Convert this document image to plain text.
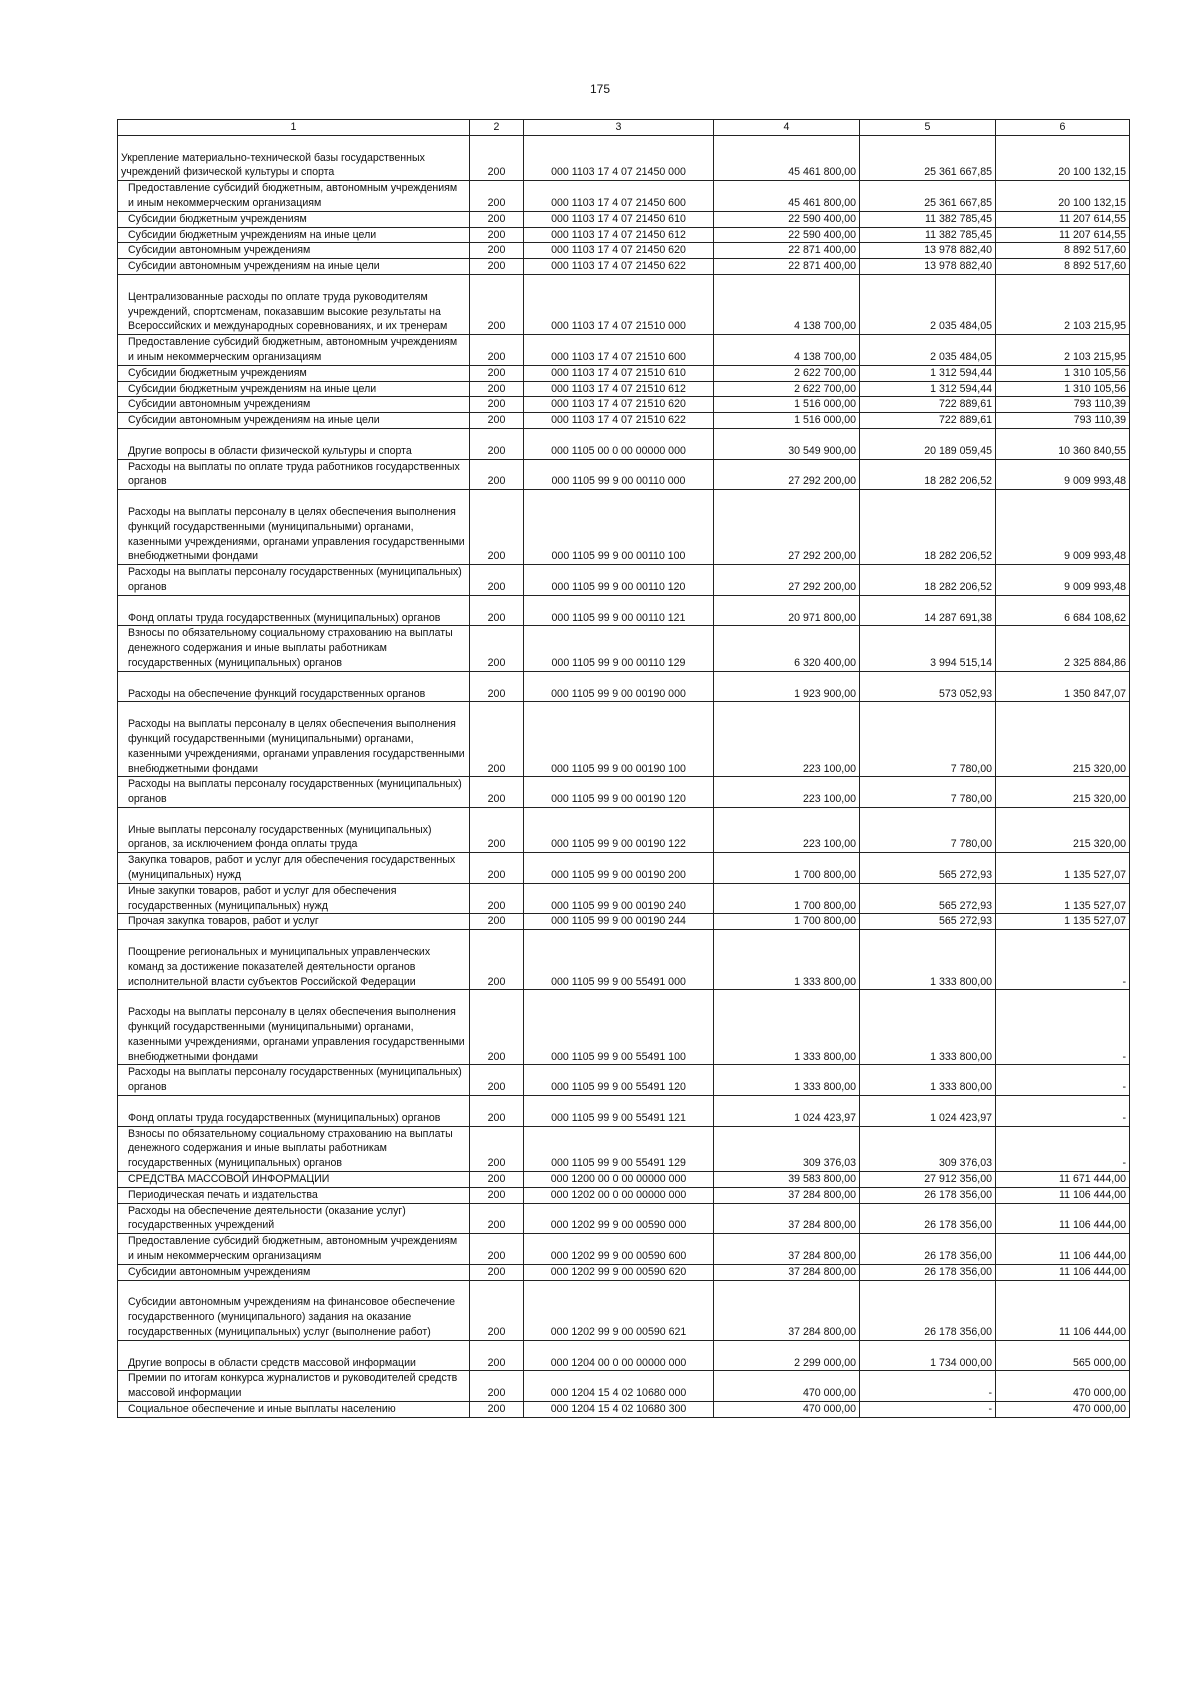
175
1	2	3	4	5	6
Укрепление материально-технической базы государственных учреждений физической культуры и спорта	200	000 1103 17 4 07 21450 000	45 461 800,00	25 361 667,85	20 100 132,15
Предоставление субсидий бюджетным, автономным учреждениям и иным некоммерческим организациям	200	000 1103 17 4 07 21450 600	45 461 800,00	25 361 667,85	20 100 132,15
Субсидии бюджетным учреждениям	200	000 1103 17 4 07 21450 610	22 590 400,00	11 382 785,45	11 207 614,55
Субсидии бюджетным учреждениям на иные цели	200	000 1103 17 4 07 21450 612	22 590 400,00	11 382 785,45	11 207 614,55
Субсидии автономным учреждениям	200	000 1103 17 4 07 21450 620	22 871 400,00	13 978 882,40	8 892 517,60
Субсидии автономным учреждениям на иные цели	200	000 1103 17 4 07 21450 622	22 871 400,00	13 978 882,40	8 892 517,60
Централизованные расходы по оплате труда руководителям учреждений, спортсменам, показавшим высокие результаты на Всероссийских и международных соревнованиях, и их тренерам	200	000 1103 17 4 07 21510 000	4 138 700,00	2 035 484,05	2 103 215,95
Предоставление субсидий бюджетным, автономным учреждениям и иным некоммерческим организациям	200	000 1103 17 4 07 21510 600	4 138 700,00	2 035 484,05	2 103 215,95
Субсидии бюджетным учреждениям	200	000 1103 17 4 07 21510 610	2 622 700,00	1 312 594,44	1 310 105,56
Субсидии бюджетным учреждениям на иные цели	200	000 1103 17 4 07 21510 612	2 622 700,00	1 312 594,44	1 310 105,56
Субсидии автономным учреждениям	200	000 1103 17 4 07 21510 620	1 516 000,00	722 889,61	793 110,39
Субсидии автономным учреждениям на иные цели	200	000 1103 17 4 07 21510 622	1 516 000,00	722 889,61	793 110,39
Другие вопросы в области физической культуры и спорта	200	000 1105 00 0 00 00000 000	30 549 900,00	20 189 059,45	10 360 840,55
Расходы на выплаты по оплате труда работников государственных органов	200	000 1105 99 9 00 00110 000	27 292 200,00	18 282 206,52	9 009 993,48
Расходы на выплаты персоналу в целях обеспечения выполнения функций государственными (муниципальными) органами, казенными учреждениями, органами управления государственными внебюджетными фондами	200	000 1105 99 9 00 00110 100	27 292 200,00	18 282 206,52	9 009 993,48
Расходы на выплаты персоналу государственных (муниципальных) органов	200	000 1105 99 9 00 00110 120	27 292 200,00	18 282 206,52	9 009 993,48
Фонд оплаты труда государственных (муниципальных) органов	200	000 1105 99 9 00 00110 121	20 971 800,00	14 287 691,38	6 684 108,62
Взносы по обязательному социальному страхованию на выплаты денежного содержания и иные выплаты работникам государственных (муниципальных) органов	200	000 1105 99 9 00 00110 129	6 320 400,00	3 994 515,14	2 325 884,86
Расходы на обеспечение функций государственных органов	200	000 1105 99 9 00 00190 000	1 923 900,00	573 052,93	1 350 847,07
Расходы на выплаты персоналу в целях обеспечения выполнения функций государственными (муниципальными) органами, казенными учреждениями, органами управления государственными внебюджетными фондами	200	000 1105 99 9 00 00190 100	223 100,00	7 780,00	215 320,00
Расходы на выплаты персоналу государственных (муниципальных) органов	200	000 1105 99 9 00 00190 120	223 100,00	7 780,00	215 320,00
Иные выплаты персоналу государственных (муниципальных) органов, за исключением фонда оплаты труда	200	000 1105 99 9 00 00190 122	223 100,00	7 780,00	215 320,00
Закупка товаров, работ и услуг для обеспечения государственных (муниципальных) нужд	200	000 1105 99 9 00 00190 200	1 700 800,00	565 272,93	1 135 527,07
Иные закупки товаров, работ и услуг для обеспечения государственных (муниципальных) нужд	200	000 1105 99 9 00 00190 240	1 700 800,00	565 272,93	1 135 527,07
Прочая закупка товаров, работ и услуг	200	000 1105 99 9 00 00190 244	1 700 800,00	565 272,93	1 135 527,07
Поощрение региональных и муниципальных управленческих команд за достижение показателей деятельности органов исполнительной власти субъектов Российской Федерации	200	000 1105 99 9 00 55491 000	1 333 800,00	1 333 800,00	-
Расходы на выплаты персоналу в целях обеспечения выполнения функций государственными (муниципальными) органами, казенными учреждениями, органами управления государственными внебюджетными фондами	200	000 1105 99 9 00 55491 100	1 333 800,00	1 333 800,00	-
Расходы на выплаты персоналу государственных (муниципальных) органов	200	000 1105 99 9 00 55491 120	1 333 800,00	1 333 800,00	-
Фонд оплаты труда государственных (муниципальных) органов	200	000 1105 99 9 00 55491 121	1 024 423,97	1 024 423,97	-
Взносы по обязательному социальному страхованию на выплаты денежного содержания и иные выплаты работникам государственных (муниципальных) органов	200	000 1105 99 9 00 55491 129	309 376,03	309 376,03	-
СРЕДСТВА МАССОВОЙ ИНФОРМАЦИИ	200	000 1200 00 0 00 00000 000	39 583 800,00	27 912 356,00	11 671 444,00
Периодическая печать и издательства	200	000 1202 00 0 00 00000 000	37 284 800,00	26 178 356,00	11 106 444,00
Расходы на обеспечение деятельности (оказание услуг) государственных учреждений	200	000 1202 99 9 00 00590 000	37 284 800,00	26 178 356,00	11 106 444,00
Предоставление субсидий бюджетным, автономным учреждениям и иным некоммерческим организациям	200	000 1202 99 9 00 00590 600	37 284 800,00	26 178 356,00	11 106 444,00
Субсидии автономным учреждениям	200	000 1202 99 9 00 00590 620	37 284 800,00	26 178 356,00	11 106 444,00
Субсидии автономным учреждениям на финансовое обеспечение государственного (муниципального) задания на оказание государственных (муниципальных) услуг (выполнение работ)	200	000 1202 99 9 00 00590 621	37 284 800,00	26 178 356,00	11 106 444,00
Другие вопросы в области средств массовой информации	200	000 1204 00 0 00 00000 000	2 299 000,00	1 734 000,00	565 000,00
Премии по итогам конкурса журналистов и руководителей средств массовой информации	200	000 1204 15 4 02 10680 000	470 000,00	-	470 000,00
Социальное обеспечение и иные выплаты населению	200	000 1204 15 4 02 10680 300	470 000,00	-	470 000,00
